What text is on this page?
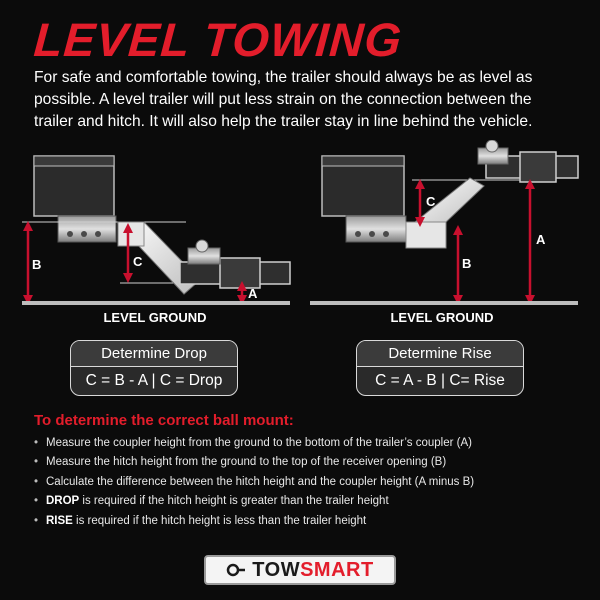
LEVEL TOWING

For safe and comfortable towing, the trailer should always be as level as possible. A level trailer will put less strain on the connection between the trailer and hitch. It will also help the trailer stay in line behind the vehicle.

B	C
A
LEVEL GROUND
C
B
A
LEVEL GROUND
Determine Drop
C = B - A | C = Drop
Determine Rise
C = A - B | C= Rise
To determine the correct ball mount:
• Measure the coupler height from the ground to the bottom of the trailer’s coupler (A)
• Measure the hitch height from the ground to the top of the receiver opening (B)
• Calculate the difference between the hitch height and the coupler height (A minus B)
• DROP is required if the hitch height is greater than the trailer height
• RISE is required if the hitch height is less than the trailer height
TOW SMART
